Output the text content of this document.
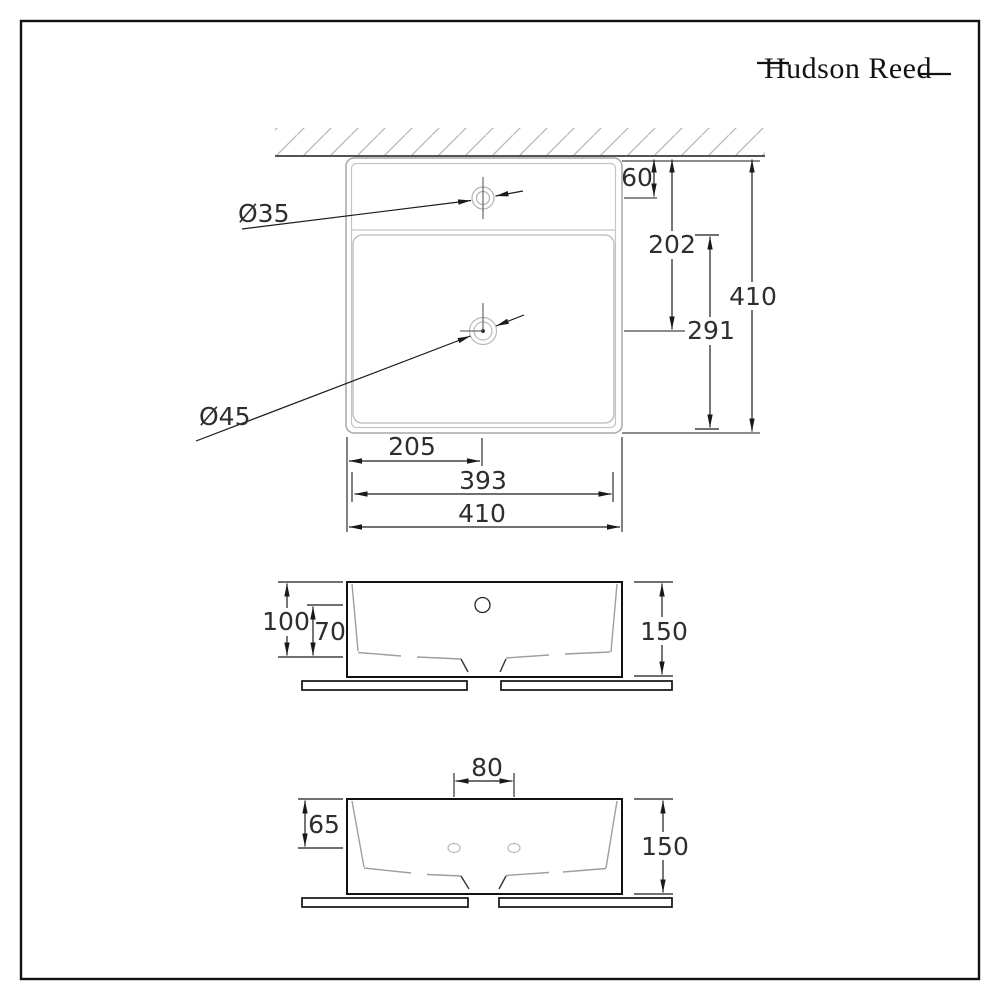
Hudson Reed
Ø35
Ø45
60
202
291
410
205
393
410
100 70	150
80
65
150
